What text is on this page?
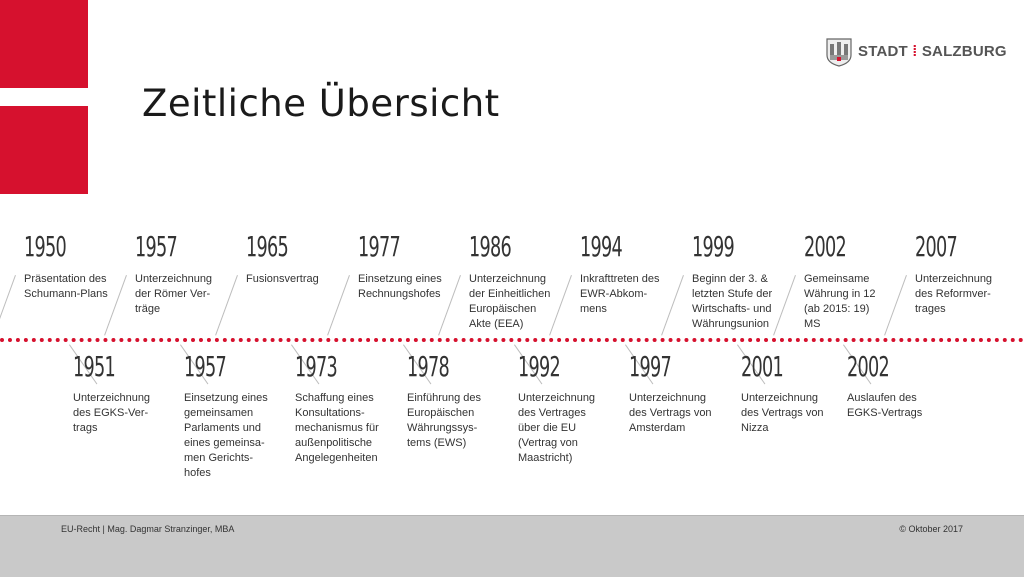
Zeitliche Übersicht
STADT ⁞ SALZBURG
1950
Präsentation des
Schumann-Plans
1957
Unterzeichnung
der Römer Ver-
träge
1965
Fusionsvertrag
1977
Einsetzung eines
Rechnungshofes
1986
Unterzeichnung
der Einheitlichen
Europäischen
Akte (EEA)
1994
Inkrafttreten des
EWR-Abkom-
mens
1999
Beginn der 3. &
letzten Stufe der
Wirtschafts- und
Währungsunion
2002
Gemeinsame
Währung in 12
(ab 2015: 19)
MS
2007
Unterzeichnung
des Reformver-
trages
1951
Unterzeichnung
des EGKS-Ver-
trags
1957
Einsetzung eines
gemeinsamen
Parlaments und
eines gemeinsa-
men Gerichts-
hofes
1973
Schaffung eines
Konsultations-
mechanismus für
außenpolitische
Angelegenheiten
1978
Einführung des
Europäischen
Währungssys-
tems (EWS)
1992
Unterzeichnung
des Vertrages
über die EU
(Vertrag von
Maastricht)
1997
Unterzeichnung
des Vertrags von
Amsterdam
2001
Unterzeichnung
des Vertrags von
Nizza
2002
Auslaufen des
EGKS-Vertrags
EU-Recht | Mag. Dagmar Stranzinger, MBA	© Oktober 2017
